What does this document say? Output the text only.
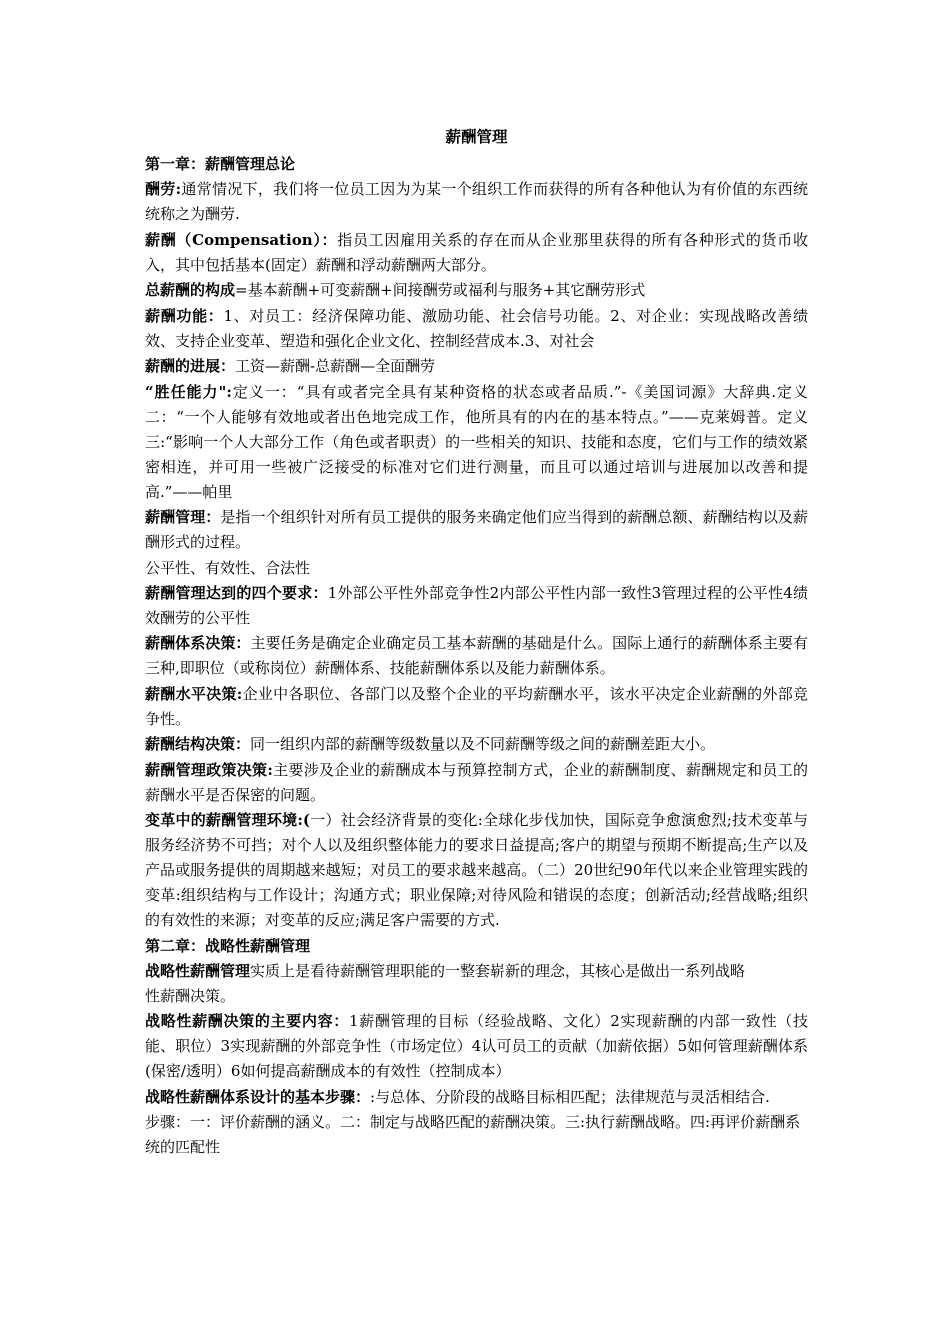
薪酬管理
第一章：薪酬管理总论

酬劳:通常情况下，我们将一位员工因为为某一个组织工作而获得的所有各种他认为有价值的东西统统称之为酬劳.

薪酬（Compensation）：指员工因雇用关系的存在而从企业那里获得的所有各种形式的货币收入，其中包括基本(固定）薪酬和浮动薪酬两大部分。

总薪酬的构成=基本薪酬+可变薪酬+间接酬劳或福利与服务+其它酬劳形式

薪酬功能：1、对员工：经济保障功能、激励功能、社会信号功能。2、对企业：实现战略改善绩效、支持企业变革、塑造和强化企业文化、控制经营成本.3、对社会

薪酬的进展：工资—薪酬-总薪酬—全面酬劳

“胜任能力":定义一：“具有或者完全具有某种资格的状态或者品质.”-《美国词源》大辞典.定义二：“一个人能够有效地或者出色地完成工作，他所具有的内在的基本特点。”——克莱姆普。定义三:“影响一个人大部分工作（角色或者职责）的一些相关的知识、技能和态度，它们与工作的绩效紧密相连，并可用一些被广泛接受的标准对它们进行测量，而且可以通过培训与进展加以改善和提高.”——帕里

薪酬管理：是指一个组织针对所有员工提供的服务来确定他们应当得到的薪酬总额、薪酬结构以及薪酬形式的过程。

公平性、有效性、合法性

薪酬管理达到的四个要求：1外部公平性外部竞争性2内部公平性内部一致性3管理过程的公平性4绩效酬劳的公平性

薪酬体系决策：主要任务是确定企业确定员工基本薪酬的基础是什么。国际上通行的薪酬体系主要有三种,即职位（或称岗位）薪酬体系、技能薪酬体系以及能力薪酬体系。

薪酬水平决策:企业中各职位、各部门以及整个企业的平均薪酬水平，该水平决定企业薪酬的外部竞争性。

薪酬结构决策：同一组织内部的薪酬等级数量以及不同薪酬等级之间的薪酬差距大小。

薪酬管理政策决策:主要涉及企业的薪酬成本与预算控制方式，企业的薪酬制度、薪酬规定和员工的薪酬水平是否保密的问题。

变革中的薪酬管理环境:(一）社会经济背景的变化:全球化步伐加快，国际竞争愈演愈烈;技术变革与服务经济势不可挡；对个人以及组织整体能力的要求日益提高;客户的期望与预期不断提高;生产以及产品或服务提供的周期越来越短；对员工的要求越来越高。（二）20世纪90年代以来企业管理实践的变革:组织结构与工作设计；沟通方式；职业保障;对待风险和错误的态度；创新活动;经营战略;组织的有效性的来源；对变革的反应;满足客户需要的方式.

第二章：战略性薪酬管理

战略性薪酬管理实质上是看待薪酬管理职能的一整套崭新的理念，其核心是做出一系列战略

性薪酬决策。

战略性薪酬决策的主要内容：1薪酬管理的目标（经验战略、文化）2实现薪酬的内部一致性（技能、职位）3实现薪酬的外部竞争性（市场定位）4认可员工的贡献（加薪依据）5如何管理薪酬体系(保密/透明）6如何提高薪酬成本的有效性（控制成本）

战略性薪酬体系设计的基本步骤：:与总体、分阶段的战略目标相匹配；法律规范与灵活相结合.

步骤：一：评价薪酬的涵义。二：制定与战略匹配的薪酬决策。三:执行薪酬战略。四:再评价薪酬系统的匹配性
